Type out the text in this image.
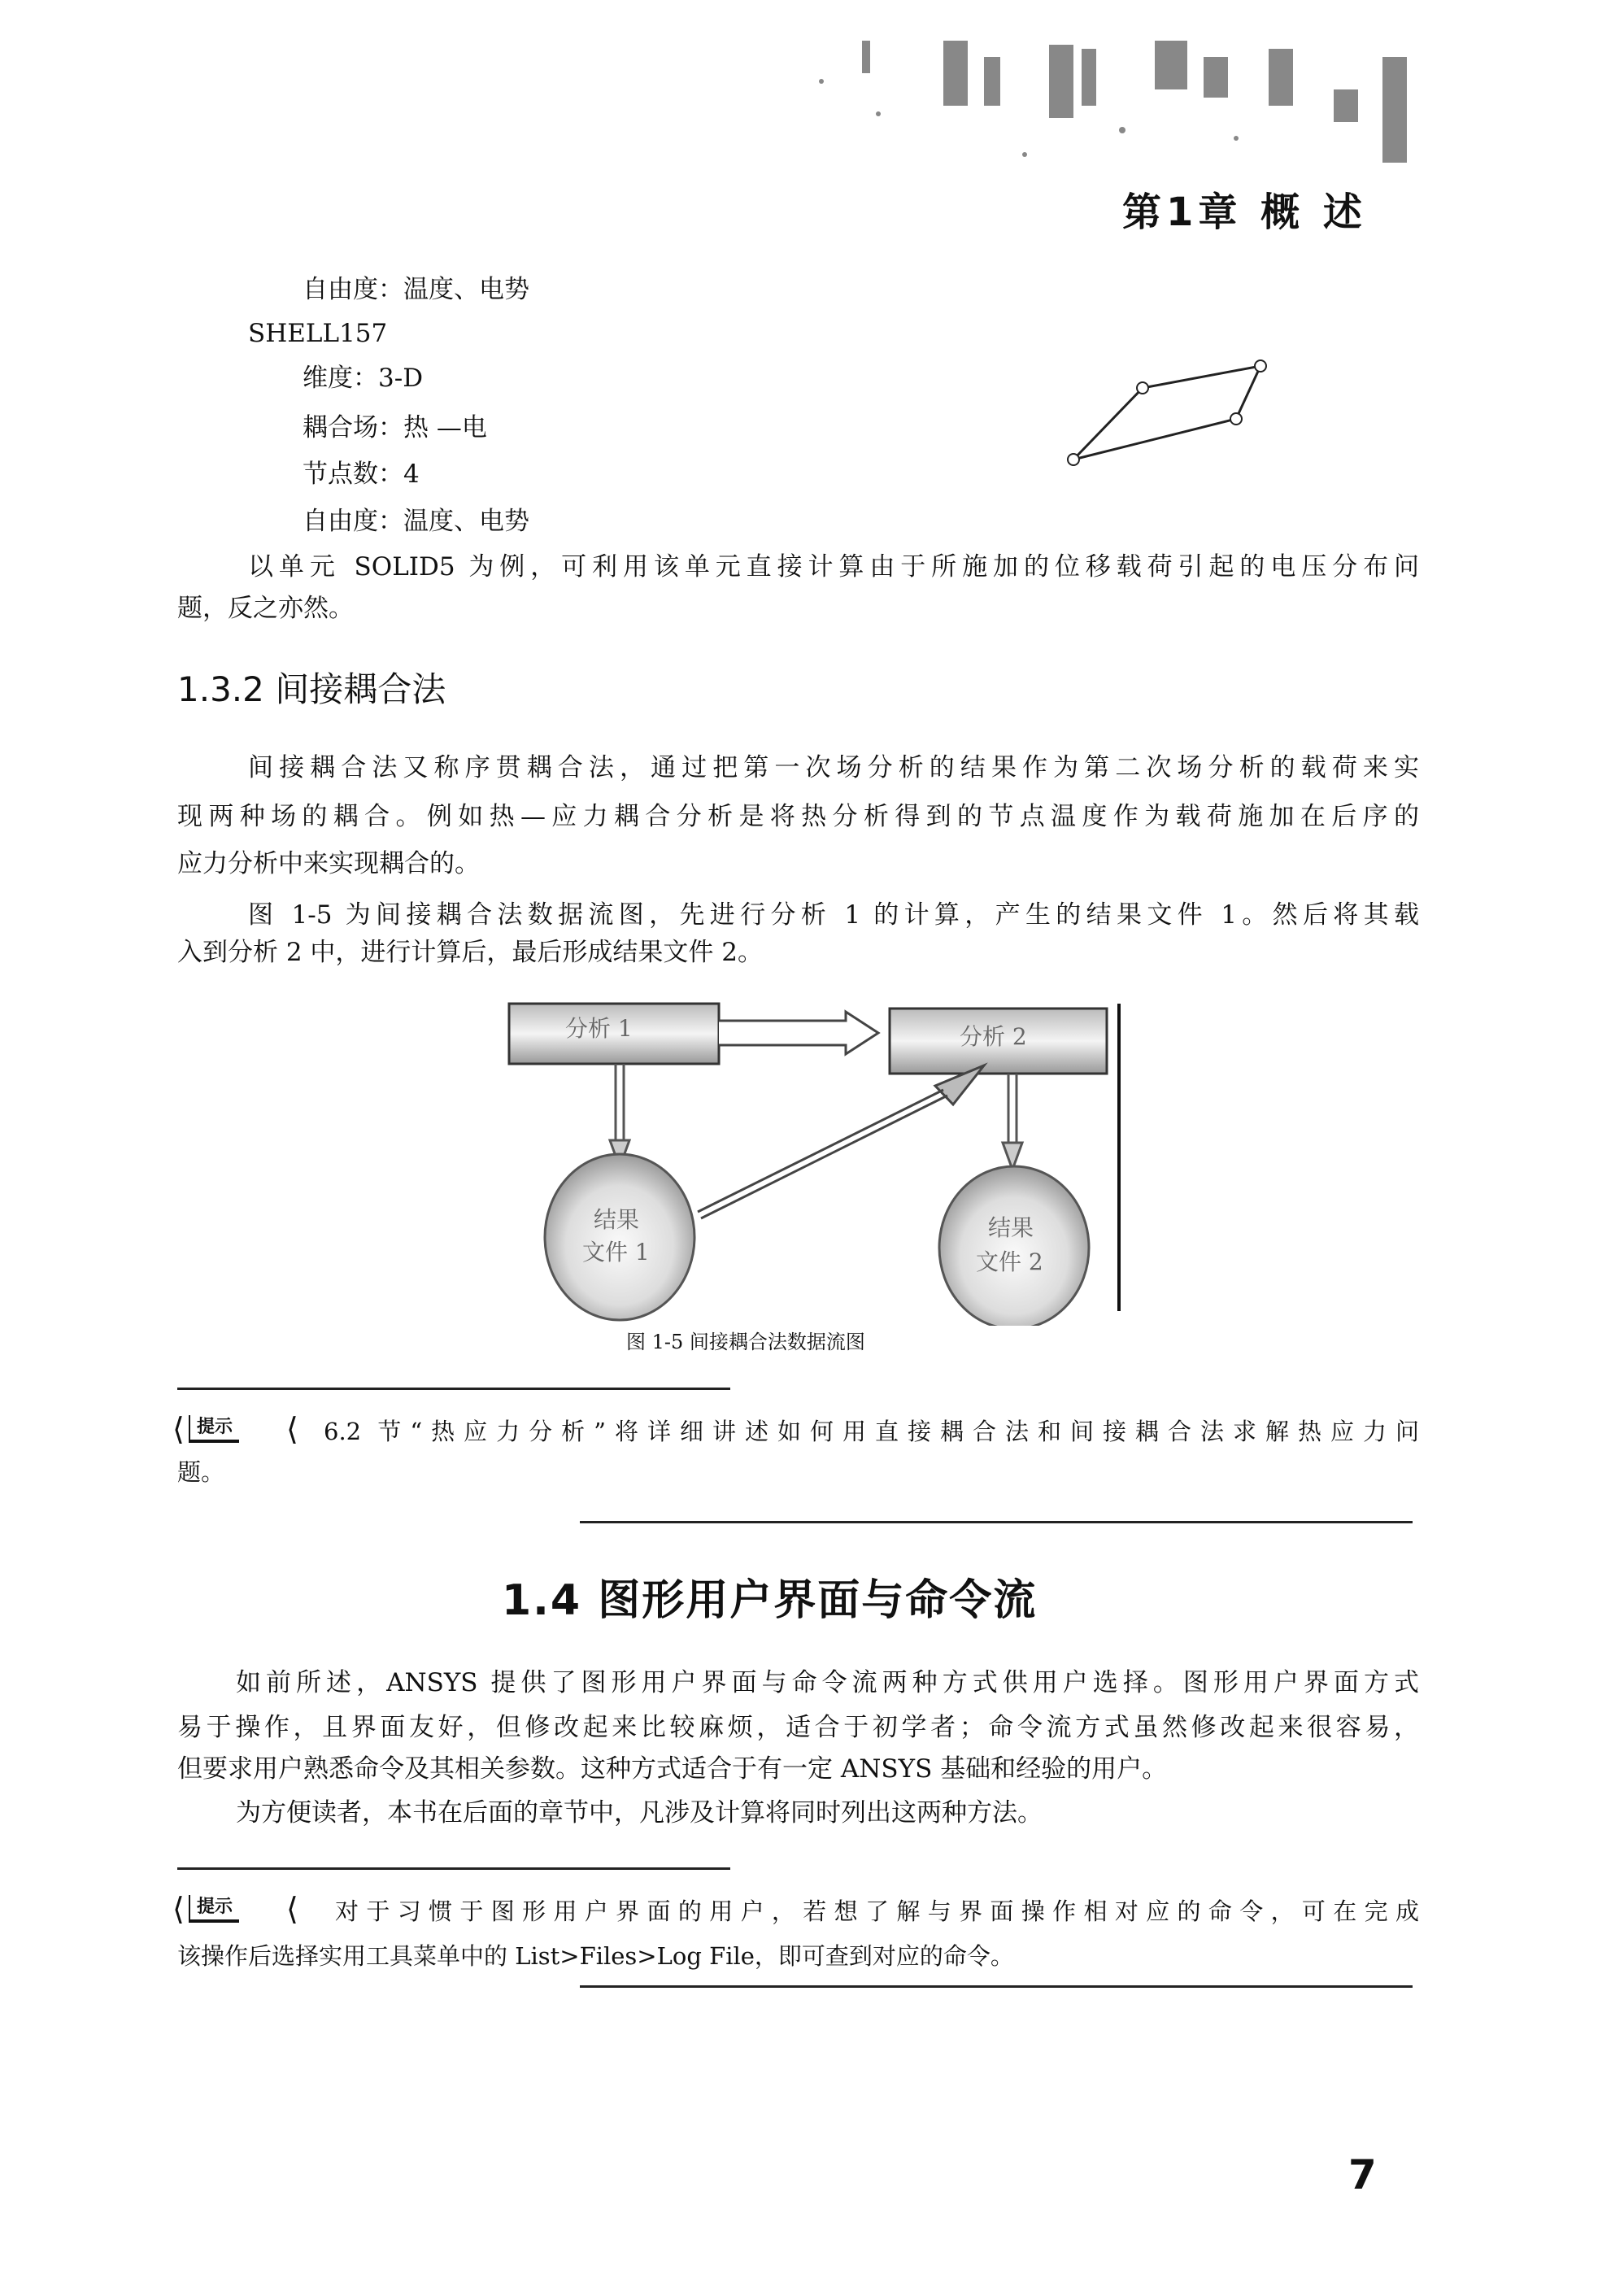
第1章 概 述
自由度：温度、电势
SHELL157
维度：3-D
耦合场：热 —电
节点数：4
自由度：温度、电势
以单元 SOLID5 为例，可利用该单元直接计算由于所施加的位移载荷引起的电压分布问
题，反之亦然。
1.3.2 间接耦合法
间接耦合法又称序贯耦合法，通过把第一次场分析的结果作为第二次场分析的载荷来实
现两种场的耦合。例如热—应力耦合分析是将热分析得到的节点温度作为载荷施加在后序的
应力分析中来实现耦合的。
图 1-5 为间接耦合法数据流图，先进行分析 1 的计算，产生的结果文件 1。然后将其载
入到分析 2 中，进行计算后，最后形成结果文件 2。
分析 1	分析 2
结果
文件 1
结果
文件 2
图 1-5 间接耦合法数据流图
⟨ 提示 ⟨ 6.2 节“热应力分析”将详细讲述如何用直接耦合法和间接耦合法求解热应力问
题。
1.4 图形用户界面与命令流
如前所述，ANSYS 提供了图形用户界面与命令流两种方式供用户选择。图形用户界面方式
易于操作，且界面友好，但修改起来比较麻烦，适合于初学者；命令流方式虽然修改起来很容易，
但要求用户熟悉命令及其相关参数。这种方式适合于有一定 ANSYS 基础和经验的用户。
为方便读者，本书在后面的章节中，凡涉及计算将同时列出这两种方法。
⟨ 提示 ⟨ 对于习惯于图形用户界面的用户，若想了解与界面操作相对应的命令，可在完成
该操作后选择实用工具菜单中的 List>Files>Log File，即可查到对应的命令。
7
